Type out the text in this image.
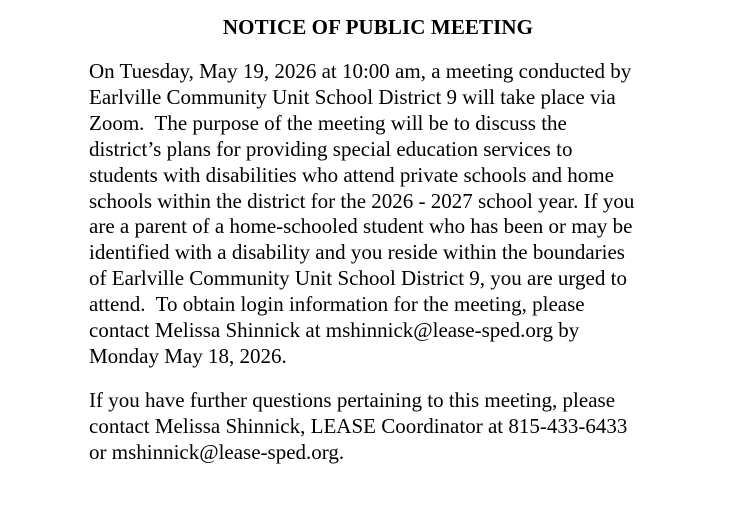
NOTICE OF PUBLIC MEETING

On Tuesday, May 19, 2026 at 10:00 am, a meeting conducted by
Earlville Community Unit School District 9 will take place via
Zoom.  The purpose of the meeting will be to discuss the
district’s plans for providing special education services to
students with disabilities who attend private schools and home
schools within the district for the 2026 - 2027 school year. If you
are a parent of a home-schooled student who has been or may be
identified with a disability and you reside within the boundaries
of Earlville Community Unit School District 9, you are urged to
attend.  To obtain login information for the meeting, please
contact Melissa Shinnick at mshinnick@lease-sped.org by
Monday May 18, 2026.

If you have further questions pertaining to this meeting, please
contact Melissa Shinnick, LEASE Coordinator at 815-433-6433
or mshinnick@lease-sped.org.
